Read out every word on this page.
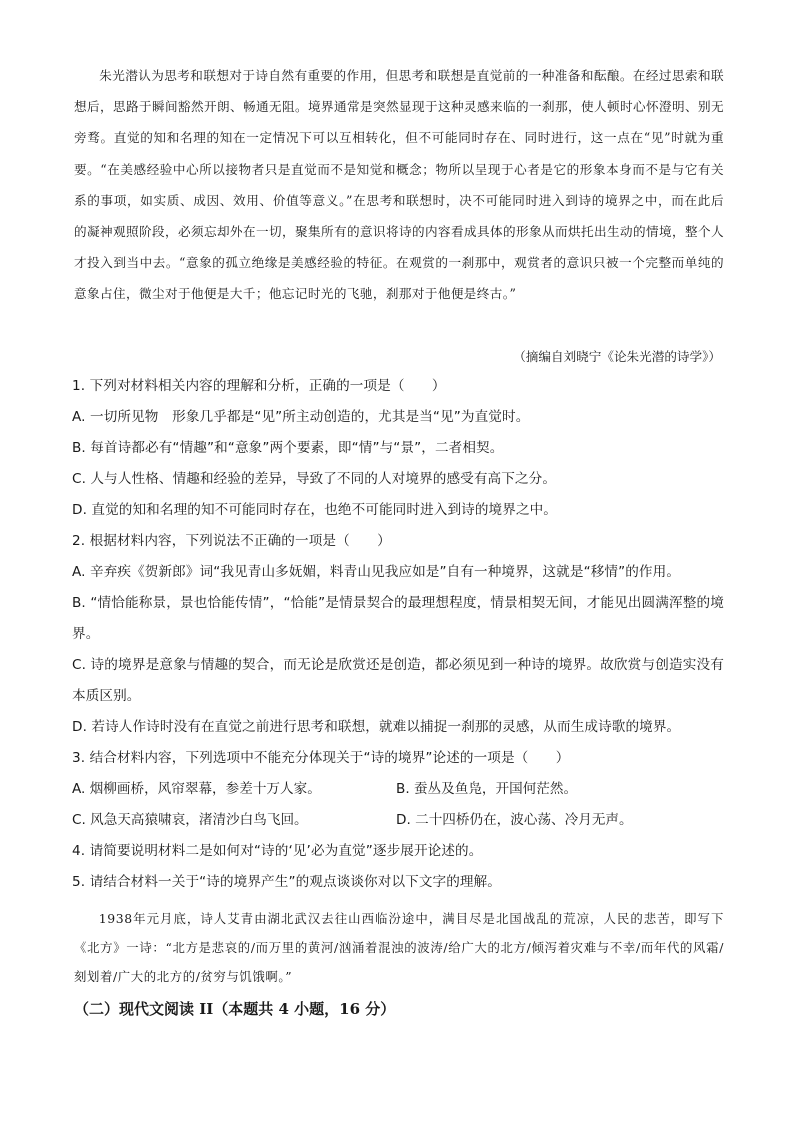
朱光潜认为思考和联想对于诗自然有重要的作用，但思考和联想是直觉前的一种准备和酝酿。在经过思索和联想后，思路于瞬间豁然开朗、畅通无阻。境界通常是突然显现于这种灵感来临的一刹那，使人顿时心怀澄明、别无旁骛。直觉的知和名理的知在一定情况下可以互相转化，但不可能同时存在、同时进行，这一点在“见”时就为重要。“在美感经验中心所以接物者只是直觉而不是知觉和概念；物所以呈现于心者是它的形象本身而不是与它有关系的事项，如实质、成因、效用、价值等意义。”在思考和联想时，决不可能同时进入到诗的境界之中，而在此后的凝神观照阶段，必须忘却外在一切，聚集所有的意识将诗的内容看成具体的形象从而烘托出生动的情境，整个人才投入到当中去。“意象的孤立绝缘是美感经验的特征。在观赏的一刹那中，观赏者的意识只被一个完整而单纯的意象占住，微尘对于他便是大千；他忘记时光的飞驰，刹那对于他便是终古。”

（摘编自刘晓宁《论朱光潜的诗学》）

1. 下列对材料相关内容的理解和分析，正确的一项是（　　）

A. 一切所见物　形象几乎都是“见”所主动创造的，尤其是当“见”为直觉时。

B. 每首诗都必有“情趣”和“意象”两个要素，即“情”与“景”，二者相契。

C. 人与人性格、情趣和经验的差异，导致了不同的人对境界的感受有高下之分。

D. 直觉的知和名理的知不可能同时存在，也绝不可能同时进入到诗的境界之中。

2. 根据材料内容，下列说法不正确的一项是（　　）

A. 辛弃疾《贺新郎》词“我见青山多妩媚，料青山见我应如是”自有一种境界，这就是“移情”的作用。

B. “情恰能称景，景也恰能传情”，“恰能”是情景契合的最理想程度，情景相契无间，才能见出圆满浑整的境界。

C. 诗的境界是意象与情趣的契合，而无论是欣赏还是创造，都必须见到一种诗的境界。故欣赏与创造实没有本质区别。

D. 若诗人作诗时没有在直觉之前进行思考和联想，就难以捕捉一刹那的灵感，从而生成诗歌的境界。

3. 结合材料内容，下列选项中不能充分体现关于“诗的境界”论述的一项是（　　）

A. 烟柳画桥，风帘翠幕，参差十万人家。	B. 蚕丛及鱼凫，开国何茫然。
C. 风急天高猿啸哀，渚清沙白鸟飞回。	D. 二十四桥仍在，波心荡、冷月无声。

4. 请简要说明材料二是如何对“诗的‘见’必为直觉”逐步展开论述的。

5. 请结合材料一关于“诗的境界产生”的观点谈谈你对以下文字的理解。

1938年元月底，诗人艾青由湖北武汉去往山西临汾途中，满目尽是北国战乱的荒凉，人民的悲苦，即写下《北方》一诗：“北方是悲哀的/而万里的黄河/汹涌着混浊的波涛/给广大的北方/倾泻着灾难与不幸/而年代的风霜/刻划着/广大的北方的/贫穷与饥饿啊。”

（二）现代文阅读 II（本题共 4 小题，16 分）
